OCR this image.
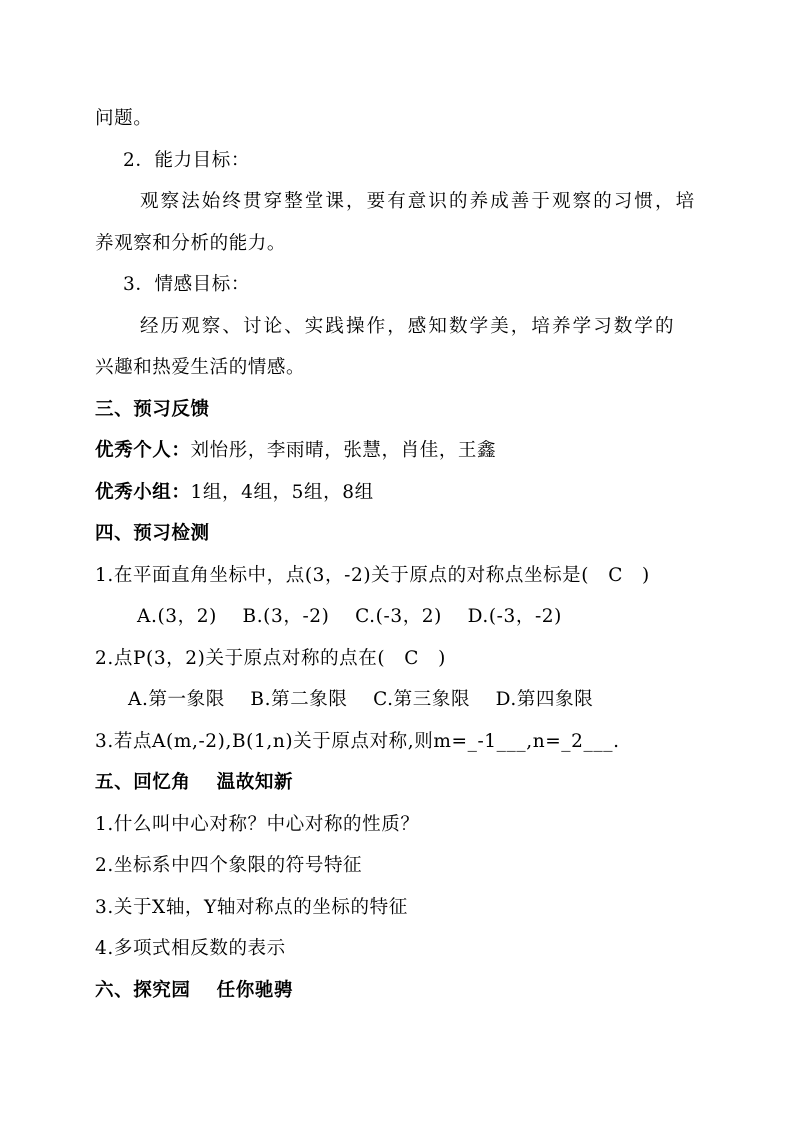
问题。
2．能力目标：
观察法始终贯穿整堂课，要有意识的养成善于观察的习惯，培
养观察和分析的能力。
3．情感目标：
经历观察、讨论、实践操作，感知数学美，培养学习数学的
兴趣和热爱生活的情感。
三、预习反馈
优秀个人：刘怡彤，李雨晴，张慧，肖佳，王鑫
优秀小组：1组，4组，5组，8组
四、预习检测
1.在平面直角坐标中，点(3，-2)关于原点的对称点坐标是(　C　)
A.(3，2)　 B.(3，-2)　 C.(-3，2)　 D.(-3，-2)
2.点P(3，2)关于原点对称的点在(　C　)
A.第一象限　 B.第二象限　 C.第三象限　 D.第四象限
3.若点A(m,-2),B(1,n)关于原点对称,则m=_-1___,n=_2___.
五、回忆角　 温故知新
1.什么叫中心对称？中心对称的性质？
2.坐标系中四个象限的符号特征
3.关于X轴，Y轴对称点的坐标的特征
4.多项式相反数的表示
六、探究园　 任你驰骋
